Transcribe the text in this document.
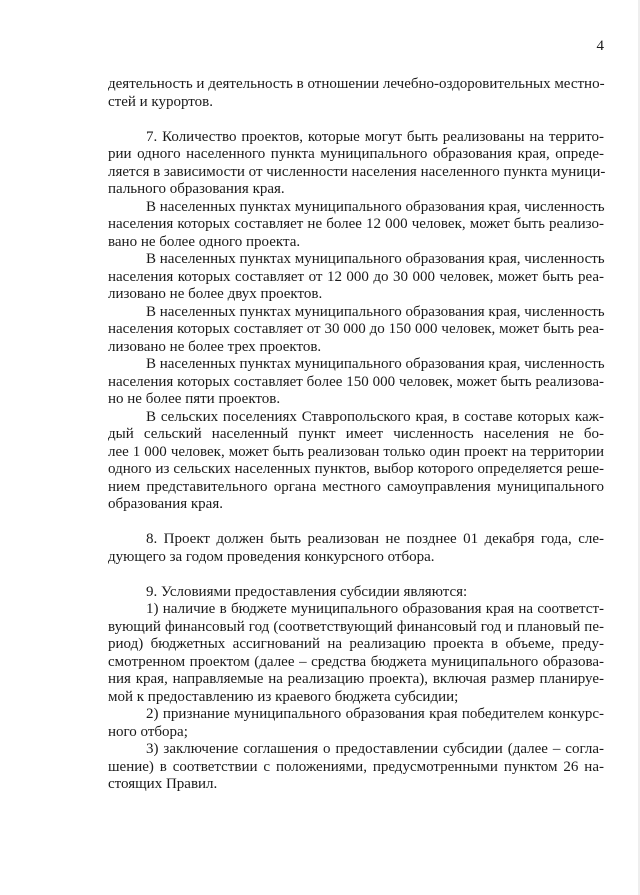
4
деятельность и деятельность в отношении лечебно-оздоровительных местно-
стей и курортов.
7. Количество проектов, которые могут быть реализованы на террито-
рии одного населенного пункта муниципального образования края, опреде-
ляется в зависимости от численности населения населенного пункта муници-
пального образования края.
В населенных пунктах муниципального образования края, численность
населения которых составляет не более 12 000 человек, может быть реализо-
вано не более одного проекта.
В населенных пунктах муниципального образования края, численность
населения которых составляет от 12 000 до 30 000 человек, может быть реа-
лизовано не более двух проектов.
В населенных пунктах муниципального образования края, численность
населения которых составляет от 30 000 до 150 000 человек, может быть реа-
лизовано не более трех проектов.
В населенных пунктах муниципального образования края, численность
населения которых составляет более 150 000 человек, может быть реализова-
но не более пяти проектов.
В сельских поселениях Ставропольского края, в составе которых каж-
дый сельский населенный пункт имеет численность населения не бо-
лее 1 000 человек, может быть реализован только один проект на территории
одного из сельских населенных пунктов, выбор которого определяется реше-
нием представительного органа местного самоуправления муниципального
образования края.
8. Проект должен быть реализован не позднее 01 декабря года, сле-
дующего за годом проведения конкурсного отбора.
9. Условиями предоставления субсидии являются:
1) наличие в бюджете муниципального образования края на соответст-
вующий финансовый год (соответствующий финансовый год и плановый пе-
риод) бюджетных ассигнований на реализацию проекта в объеме, преду-
смотренном проектом (далее – средства бюджета муниципального образова-
ния края, направляемые на реализацию проекта), включая размер планируе-
мой к предоставлению из краевого бюджета субсидии;
2) признание муниципального образования края победителем конкурс-
ного отбора;
3) заключение соглашения о предоставлении субсидии (далее – согла-
шение) в соответствии с положениями, предусмотренными пунктом 26 на-
стоящих Правил.
